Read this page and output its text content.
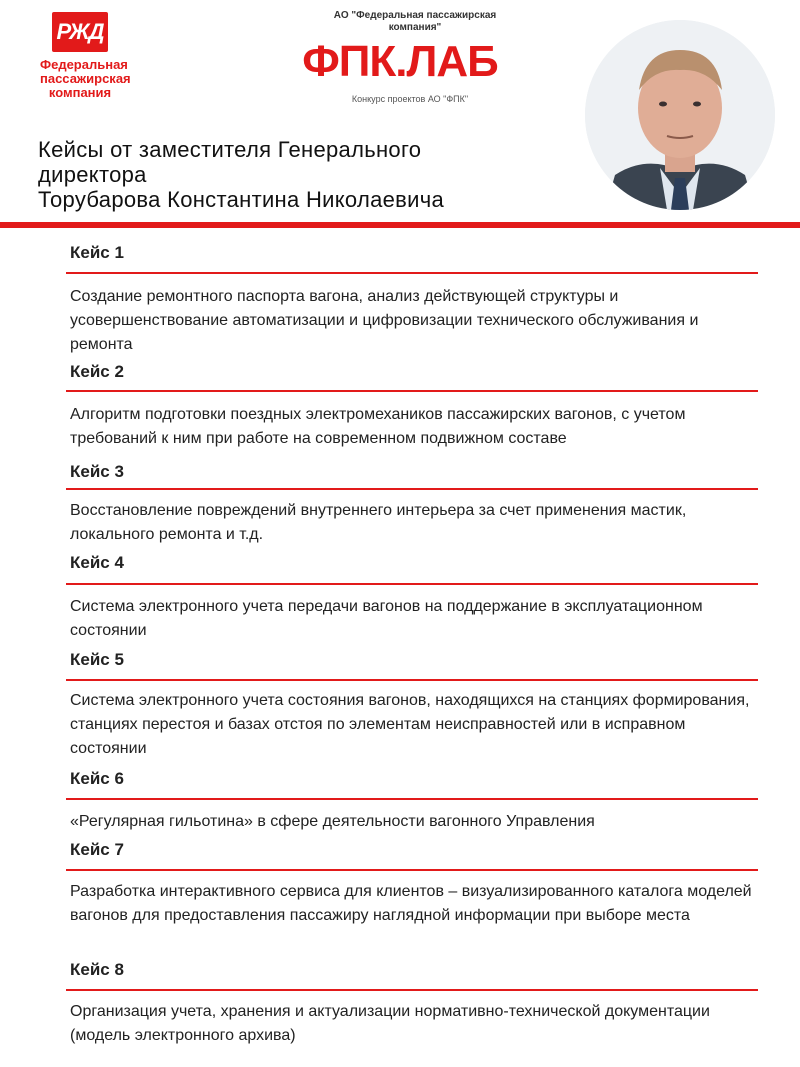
РЖД
Федеральная пассажирская компания
АО "Федеральная пассажирская компания"
ФПК.ЛАБ
Конкурс проектов АО "ФПК"
Кейсы от заместителя Генерального
директора
Торубарова Константина Николаевича
Кейс 1
Создание ремонтного паспорта вагона, анализ действующей структуры и усовершенствование автоматизации и цифровизации технического обслуживания и ремонта
Кейс 2
Алгоритм подготовки поездных электромехаников пассажирских вагонов, с учетом требований к ним при работе на современном подвижном составе
Кейс 3
Восстановление повреждений внутреннего интерьера за счет применения мастик, локального ремонта и т.д.
Кейс 4
Система электронного учета передачи вагонов на поддержание в эксплуатационном состоянии
Кейс 5
Система электронного учета состояния вагонов, находящихся на станциях формирования, станциях перестоя и базах отстоя по элементам неисправностей или в исправном состоянии
Кейс 6
«Регулярная гильотина» в сфере деятельности вагонного Управления
Кейс 7
Разработка интерактивного сервиса для клиентов – визуализированного каталога моделей вагонов для предоставления пассажиру наглядной информации при выборе места
Кейс 8
Организация учета, хранения и актуализации нормативно-технической документации (модель электронного архива)
